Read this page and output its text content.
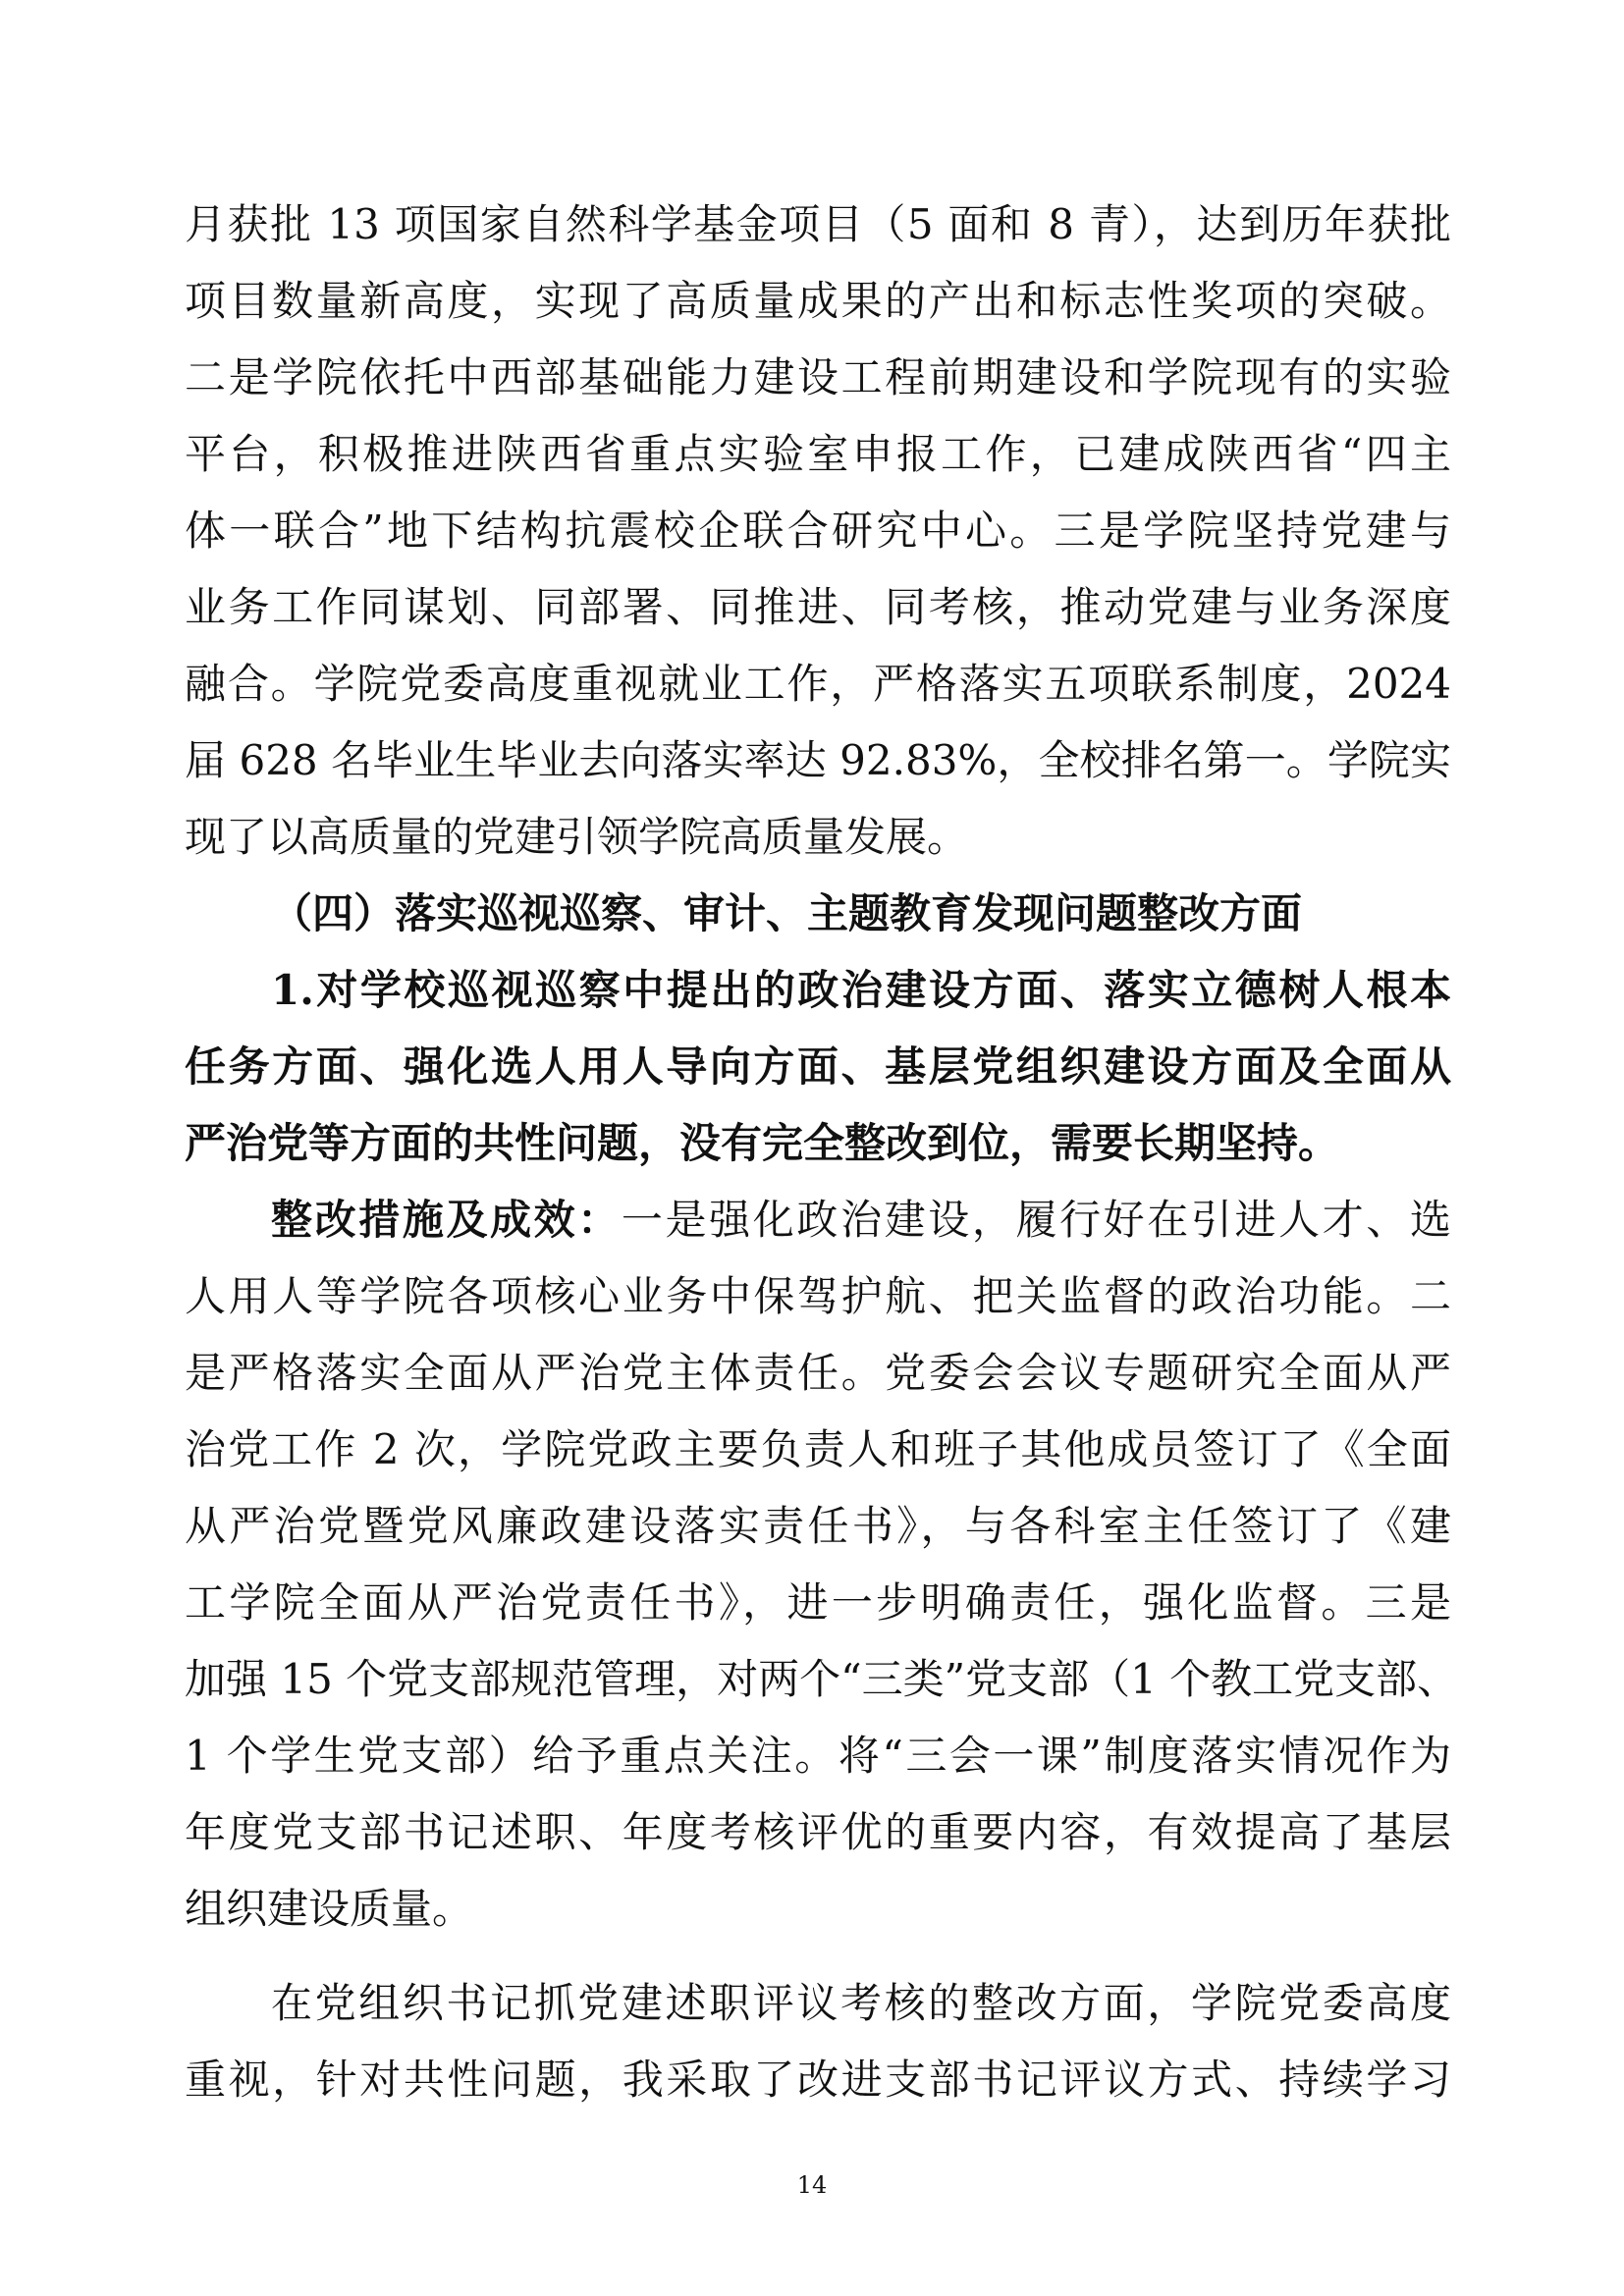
月获批 13 项国家自然科学基金项目（5 面和 8 青），达到历年获批
项目数量新高度，实现了高质量成果的产出和标志性奖项的突破。
二是学院依托中西部基础能力建设工程前期建设和学院现有的实验
平台，积极推进陕西省重点实验室申报工作，已建成陕西省“四主
体一联合”地下结构抗震校企联合研究中心。三是学院坚持党建与
业务工作同谋划、同部署、同推进、同考核，推动党建与业务深度
融合。学院党委高度重视就业工作，严格落实五项联系制度，2024
届 628 名毕业生毕业去向落实率达 92.83%，全校排名第一。学院实
现了以高质量的党建引领学院高质量发展。
（四）落实巡视巡察、审计、主题教育发现问题整改方面
1.对学校巡视巡察中提出的政治建设方面、落实立德树人根本
任务方面、强化选人用人导向方面、基层党组织建设方面及全面从
严治党等方面的共性问题，没有完全整改到位，需要长期坚持。
整改措施及成效：一是强化政治建设，履行好在引进人才、选
人用人等学院各项核心业务中保驾护航、把关监督的政治功能。二
是严格落实全面从严治党主体责任。党委会会议专题研究全面从严
治党工作 2 次，学院党政主要负责人和班子其他成员签订了《全面
从严治党暨党风廉政建设落实责任书》，与各科室主任签订了《建
工学院全面从严治党责任书》，进一步明确责任，强化监督。三是
加强 15 个党支部规范管理，对两个“三类”党支部（1 个教工党支部、
1 个学生党支部）给予重点关注。将“三会一课”制度落实情况作为
年度党支部书记述职、年度考核评优的重要内容，有效提高了基层
组织建设质量。
在党组织书记抓党建述职评议考核的整改方面，学院党委高度
重视，针对共性问题，我采取了改进支部书记评议方式、持续学习
14
